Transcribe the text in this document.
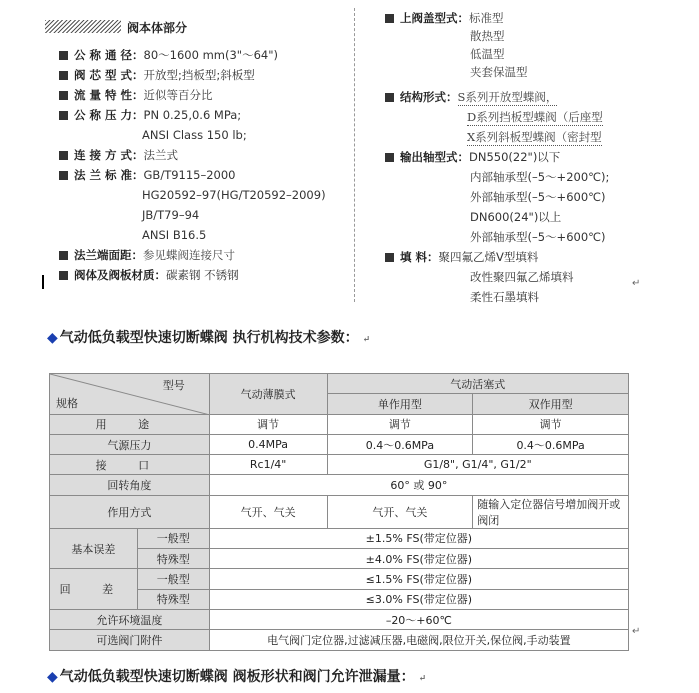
阀本体部分
公 称 通 径：80～1600 mm(3"～64")
阀 芯 型 式：开放型;挡板型;斜板型
流 量 特 性：近似等百分比
公 称 压 力：PN 0.25,0.6 MPa;
ANSI Class 150 lb;
连 接 方 式：法兰式
法 兰 标 准：GB/T9115–2000
HG20592–97(HG/T20592–2009)
JB/T79–94
ANSI B16.5
法兰端面距：参见蝶阀连接尺寸
阀体及阀板材质：碳素钢 不锈钢
上阀盖型式：标准型
散热型
低温型
夹套保温型
结构形式：S系列开放型蝶阀，
D系列挡板型蝶阀（后座型
X系列斜板型蝶阀（密封型
输出轴型式：DN550(22")以下
内部轴承型(–5～+200℃);
外部轴承型(–5～+600℃)
DN600(24")以上
外部轴承型(–5～+600℃)
填 料：聚四氟乙烯V型填料
改性聚四氟乙烯填料
柔性石墨填料
↵
◆ 气动低负载型快速切断蝶阀 执行机构技术参数： ↵
型号
规格		气动薄膜式	气动活塞式	
			单作用型	双作用型
用 途		调节	调节	调节
气源压力		0.4MPa	0.4～0.6MPa	0.4～0.6MPa
接 口		Rc1/4"	G1/8", G1/4", G1/2"	
回转角度		60° 或 90°		
作用方式		气开、气关	气开、气关	随输入定位器信号增加阀开或阀闭
基本误差	一般型	±1.5% FS(带定位器)		
	特殊型	±4.0% FS(带定位器)		
回 差	一般型	≤1.5% FS(带定位器)		
	特殊型	≤3.0% FS(带定位器)		
允许环境温度		–20～+60℃		
可选阀门附件		电气阀门定位器,过滤减压器,电磁阀,限位开关,保位阀,手动装置		
↵
◆ 气动低负载型快速切断蝶阀 阀板形状和阀门允许泄漏量： ↵
